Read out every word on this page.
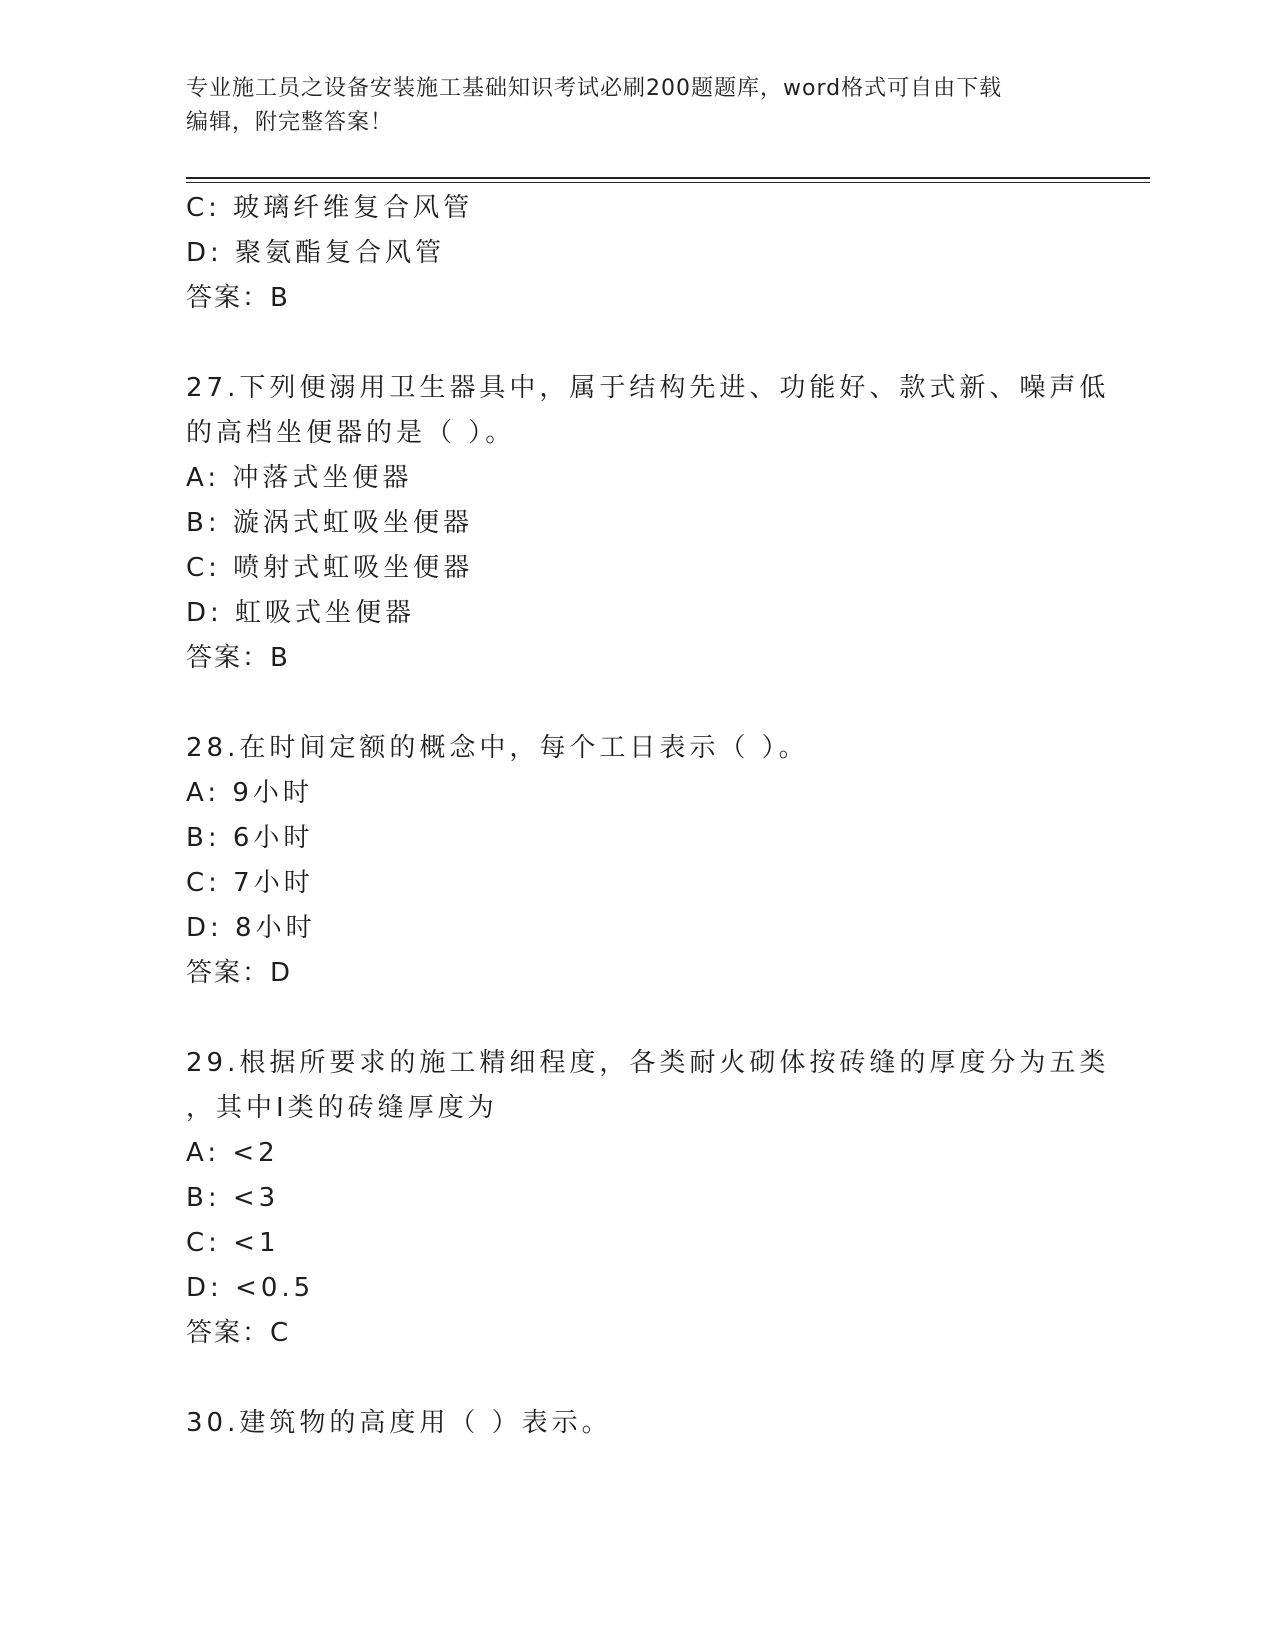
专业施工员之设备安装施工基础知识考试必刷200题题库，word格式可自由下载
编辑，附完整答案！
C: 玻璃纤维复合风管
D: 聚氨酯复合风管
答案：B
27.下列便溺用卫生器具中，属于结构先进、功能好、款式新、噪声低
的高档坐便器的是（ ）。
A: 冲落式坐便器
B: 漩涡式虹吸坐便器
C: 喷射式虹吸坐便器
D: 虹吸式坐便器
答案：B
28.在时间定额的概念中，每个工日表示（ ）。
A: 9小时
B: 6小时
C: 7小时
D: 8小时
答案：D
29.根据所要求的施工精细程度，各类耐火砌体按砖缝的厚度分为五类
，其中Ⅰ类的砖缝厚度为
A: <2
B: <3
C: <1
D: <0.5
答案：C
30.建筑物的高度用（ ）表示。
